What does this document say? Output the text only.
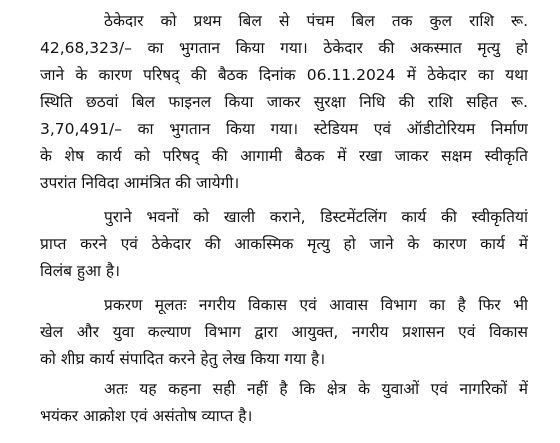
ठेकेदार को प्रथम बिल से पंचम बिल तक कुल राशि रू.
42,68,323/– का भुगतान किया गया। ठेकेदार की अकस्मात मृत्यु हो
जाने के कारण परिषद् की बैठक दिनांक 06.11.2024 में ठेकेदार का यथा
स्थिति छठवां बिल फाइनल किया जाकर सुरक्षा निधि की राशि सहित रू.
3,70,491/– का भुगतान किया गया। स्टेडियम एवं ऑडीटोरियम निर्माण
के शेष कार्य को परिषद् की आगामी बैठक में रखा जाकर सक्षम स्वीकृति
उपरांत निविदा आमंत्रित की जायेगी।
पुराने भवनों को खाली कराने, डिस्टमेंटलिंग कार्य की स्वीकृतियां
प्राप्त करने एवं ठेकेदार की आकस्मिक मृत्यु हो जाने के कारण कार्य में
विलंब हुआ है।
प्रकरण मूलतः नगरीय विकास एवं आवास विभाग का है फिर भी
खेल और युवा कल्याण विभाग द्वारा आयुक्त, नगरीय प्रशासन एवं विकास
को शीघ्र कार्य संपादित करने हेतु लेख किया गया है।
अतः यह कहना सही नहीं है कि क्षेत्र के युवाओं एवं नागरिकों में
भयंकर आक्रोश एवं असंतोष व्याप्त है।
